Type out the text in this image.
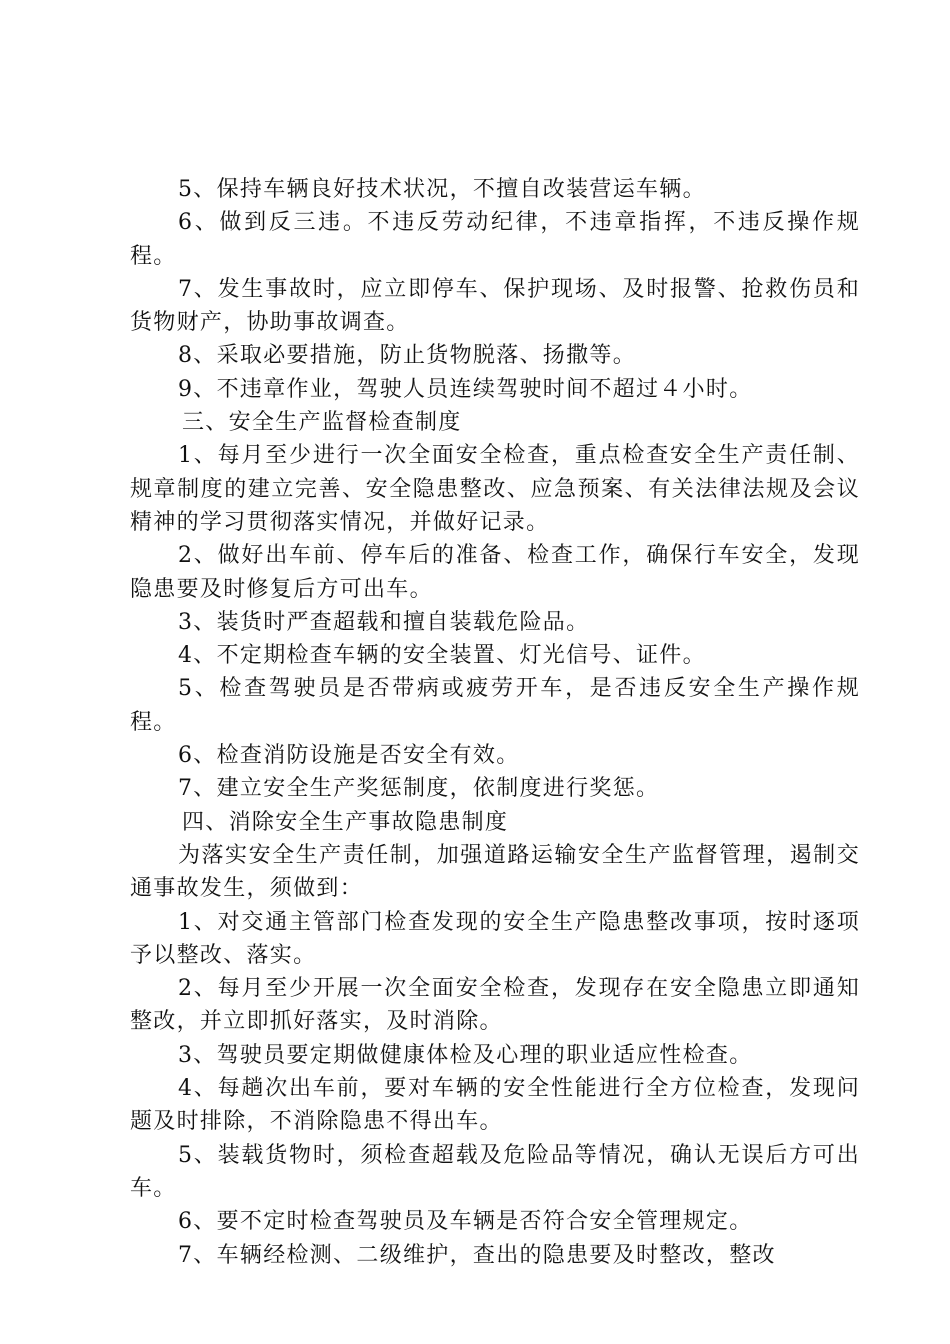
5、保持车辆良好技术状况，不擅自改装营运车辆。

6、做到反三违。不违反劳动纪律，不违章指挥，不违反操作规程。

7、发生事故时，应立即停车、保护现场、及时报警、抢救伤员和货物财产，协助事故调查。

8、采取必要措施，防止货物脱落、扬撒等。

9、不违章作业，驾驶人员连续驾驶时间不超过４小时。

三、安全生产监督检查制度

1、每月至少进行一次全面安全检查，重点检查安全生产责任制、规章制度的建立完善、安全隐患整改、应急预案、有关法律法规及会议精神的学习贯彻落实情况，并做好记录。

2、做好出车前、停车后的准备、检查工作，确保行车安全，发现隐患要及时修复后方可出车。

3、装货时严查超载和擅自装载危险品。

4、不定期检查车辆的安全装置、灯光信号、证件。

5、检查驾驶员是否带病或疲劳开车，是否违反安全生产操作规程。

6、检查消防设施是否安全有效。

7、建立安全生产奖惩制度，依制度进行奖惩。

四、消除安全生产事故隐患制度

为落实安全生产责任制，加强道路运输安全生产监督管理，遏制交通事故发生，须做到：

1、对交通主管部门检查发现的安全生产隐患整改事项，按时逐项予以整改、落实。

2、每月至少开展一次全面安全检查，发现存在安全隐患立即通知整改，并立即抓好落实，及时消除。

3、驾驶员要定期做健康体检及心理的职业适应性检查。

4、每趟次出车前，要对车辆的安全性能进行全方位检查，发现问题及时排除，不消除隐患不得出车。

5、装载货物时，须检查超载及危险品等情况，确认无误后方可出车。

6、要不定时检查驾驶员及车辆是否符合安全管理规定。

7、车辆经检测、二级维护，查出的隐患要及时整改，整改
